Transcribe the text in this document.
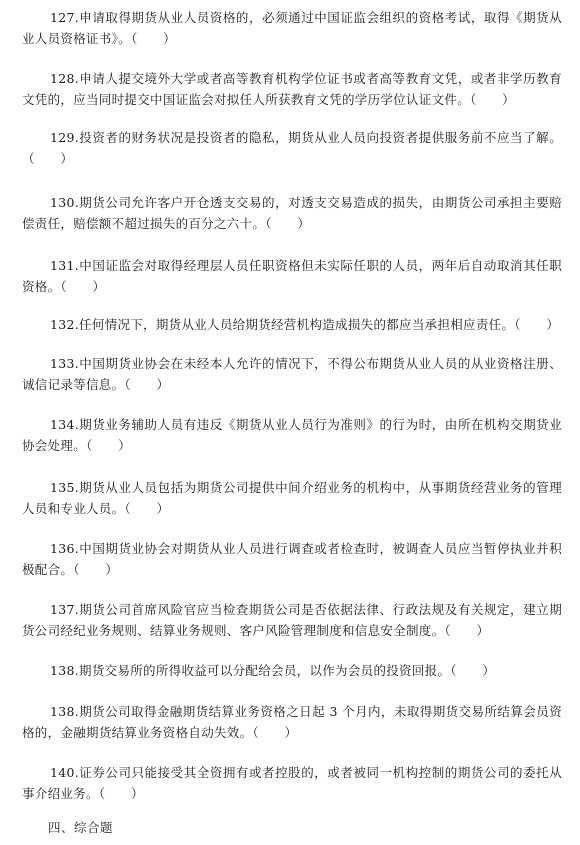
127.申请取得期货从业人员资格的，必须通过中国证监会组织的资格考试，取得《期货从业人员资格证书》。（　　）

128.申请人提交境外大学或者高等教育机构学位证书或者高等教育文凭，或者非学历教育文凭的，应当同时提交中国证监会对拟任人所获教育文凭的学历学位认证文件。（　　）

129.投资者的财务状况是投资者的隐私，期货从业人员向投资者提供服务前不应当了解。（　　）

130.期货公司允许客户开仓透支交易的，对透支交易造成的损失，由期货公司承担主要赔偿责任，赔偿额不超过损失的百分之六十。（　　）

131.中国证监会对取得经理层人员任职资格但未实际任职的人员，两年后自动取消其任职资格。（　　）

132.任何情况下，期货从业人员给期货经营机构造成损失的都应当承担相应责任。（　　）

133.中国期货业协会在未经本人允许的情况下，不得公布期货从业人员的从业资格注册、诚信记录等信息。（　　）

134.期货业务辅助人员有违反《期货从业人员行为准则》的行为时，由所在机构交期货业协会处理。（　　）

135.期货从业人员包括为期货公司提供中间介绍业务的机构中，从事期货经营业务的管理人员和专业人员。（　　）

136.中国期货业协会对期货从业人员进行调查或者检查时，被调查人员应当暂停执业并积极配合。（　　）

137.期货公司首席风险官应当检查期货公司是否依据法律、行政法规及有关规定，建立期货公司经纪业务规则、结算业务规则、客户风险管理制度和信息安全制度。（　　）

138.期货交易所的所得收益可以分配给会员，以作为会员的投资回报。（　　）

138.期货公司取得金融期货结算业务资格之日起 3 个月内，未取得期货交易所结算会员资格的，金融期货结算业务资格自动失效。（　　）

140.证券公司只能接受其全资拥有或者控股的，或者被同一机构控制的期货公司的委托从事介绍业务。（　　）

四、综合题
